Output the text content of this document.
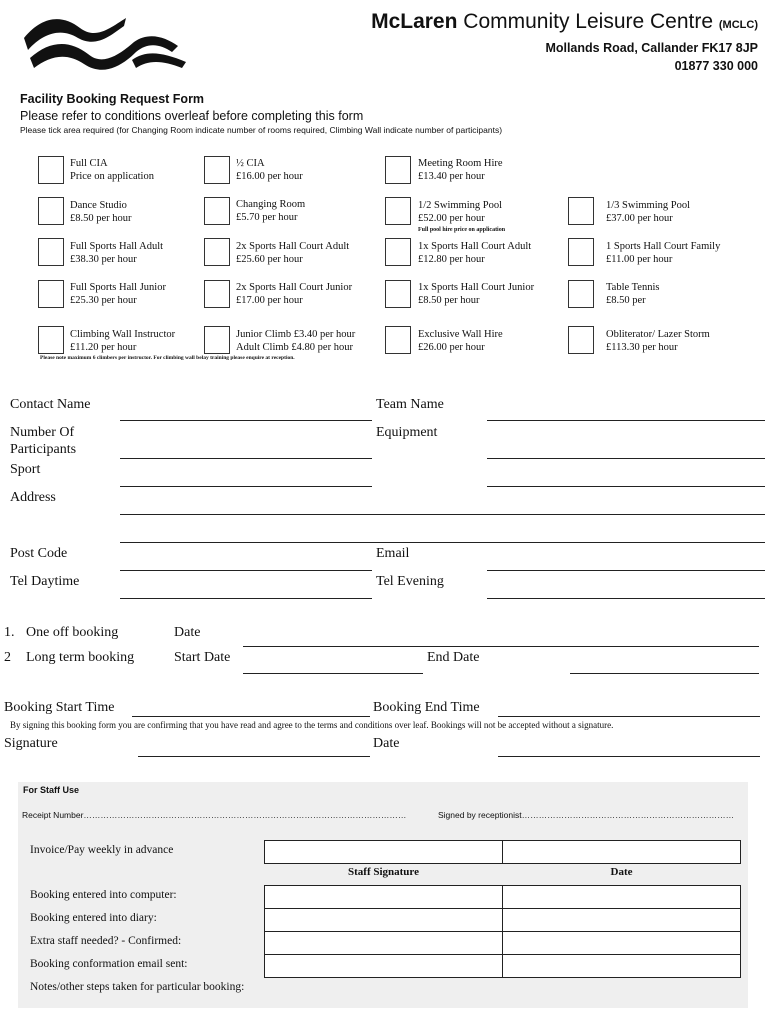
McLaren Community Leisure Centre (MCLC)
Mollands Road, Callander FK17 8JP
01877 330 000
Facility Booking Request Form
Please refer to conditions overleaf before completing this form
Please tick area required (for Changing Room indicate number of rooms required, Climbing Wall indicate number of participants)
Full CIA
Price on application
½ CIA
£16.00 per hour
Meeting Room Hire
£13.40 per hour
Dance Studio
£8.50 per hour
Changing Room
£5.70 per hour
1/2 Swimming Pool
£52.00 per hour
Full pool hire price on application
1/3 Swimming Pool
£37.00 per hour
Full Sports Hall Adult
£38.30 per hour
2x Sports Hall Court Adult
£25.60 per hour
1x Sports Hall Court Adult
£12.80 per hour
1 Sports Hall Court Family
£11.00 per hour
Full Sports Hall Junior
£25.30 per hour
2x Sports Hall Court Junior
£17.00 per hour
1x Sports Hall Court Junior
£8.50 per hour
Table Tennis
£8.50 per
Climbing Wall Instructor
£11.20 per hour
Junior Climb £3.40 per hour
Adult Climb £4.80 per hour
Exclusive Wall Hire
£26.00 per hour
Obliterator/ Lazer Storm
£113.30 per hour
Please note maximum 6 climbers per instructor. For climbing wall belay training please enquire at reception.
Contact Name	Team Name
Number Of
Participants
Equipment
Sport
Address
Post Code	Email
Tel Daytime	Tel Evening
1. One off booking	Date
2 Long term booking	Start Date	End Date
Booking Start Time	Booking End Time
By signing this booking form you are confirming that you have read and agree to the terms and conditions over leaf. Bookings will not be accepted without a signature.
Signature	Date
For Staff Use
Receipt Number……………………………………………………………………………………………………	Signed by receptionist…………………………………………………………………
Invoice/Pay weekly in advance
Staff Signature	Date
Booking entered into computer:
Booking entered into diary:
Extra staff needed? - Confirmed:
Booking conformation email sent:
Notes/other steps taken for particular booking:
